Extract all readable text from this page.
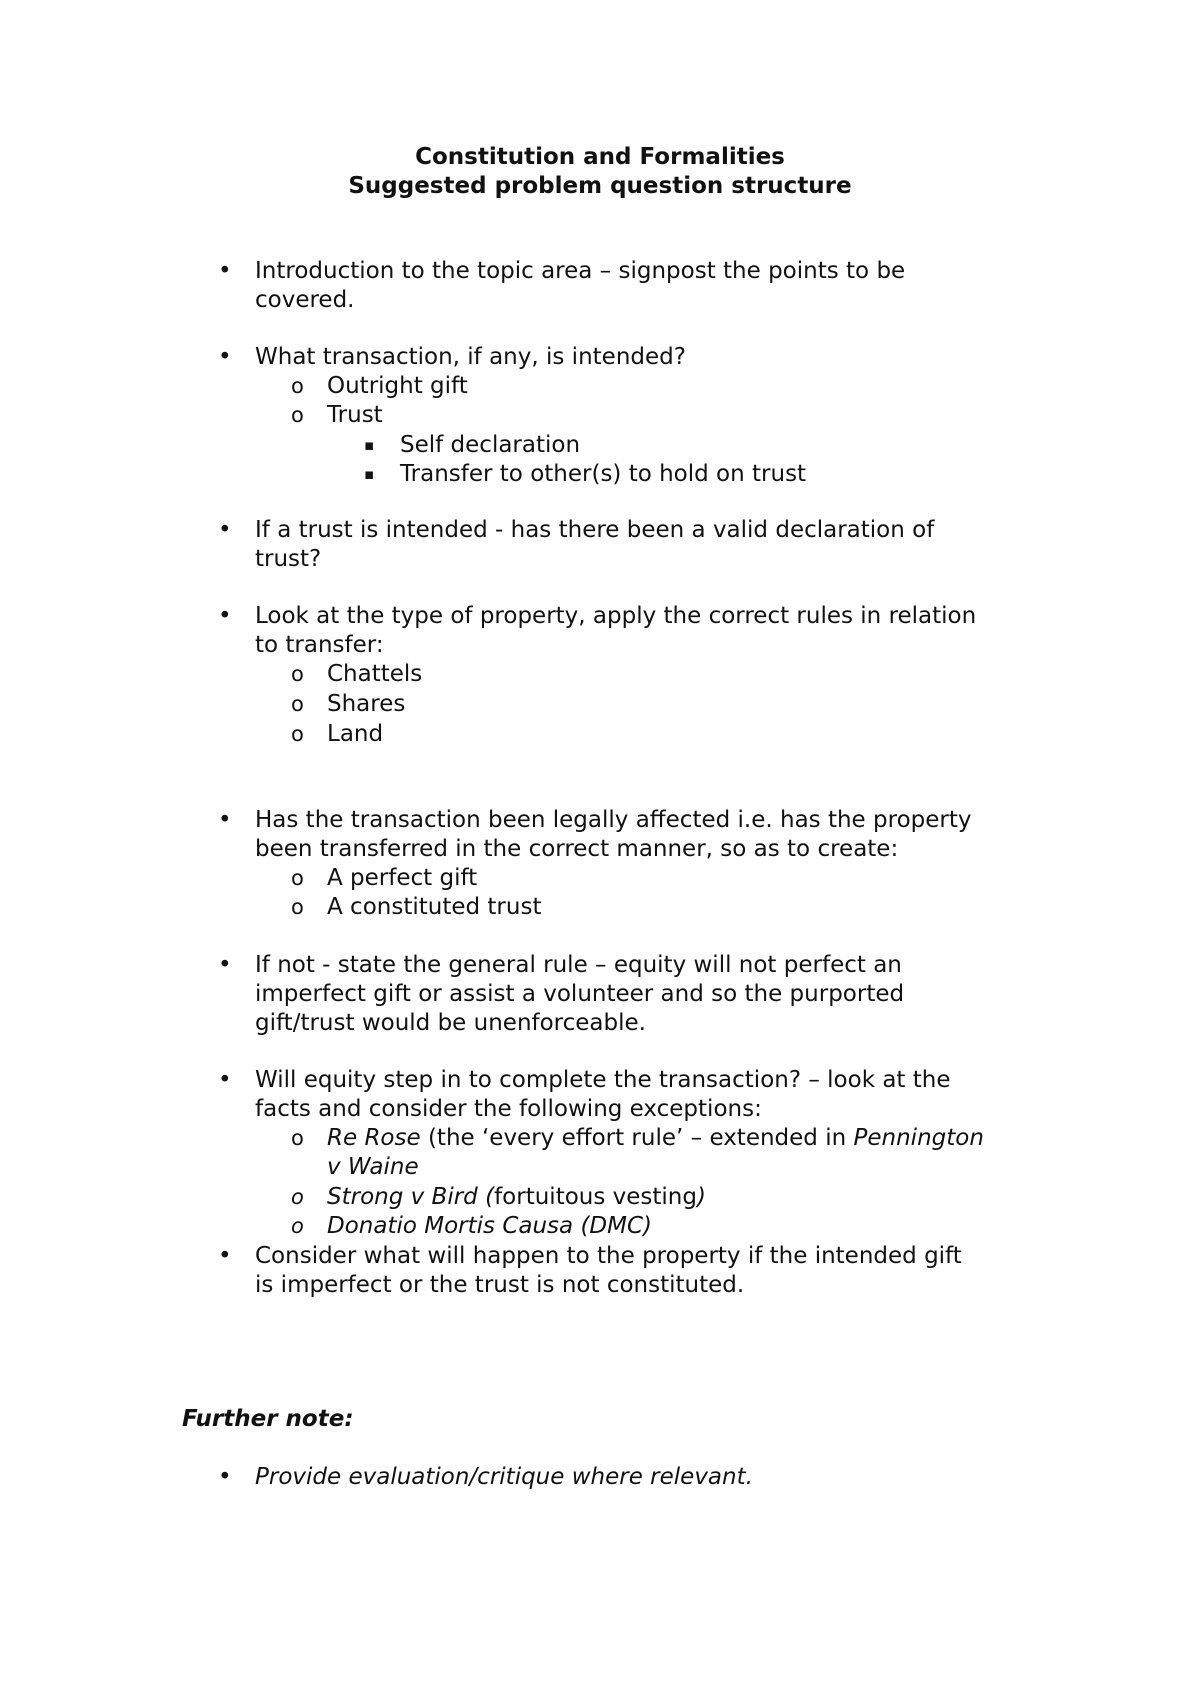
Constitution and Formalities
Suggested problem question structure
• Introduction to the topic area – signpost the points to be
covered.
• What transaction, if any, is intended?
o Outright gift
o Trust
▪ Self declaration
▪ Transfer to other(s) to hold on trust
• If a trust is intended - has there been a valid declaration of
trust?
• Look at the type of property, apply the correct rules in relation
to transfer:
o Chattels
o Shares
o Land
• Has the transaction been legally affected i.e. has the property
been transferred in the correct manner, so as to create:
o A perfect gift
o A constituted trust
• If not - state the general rule – equity will not perfect an
imperfect gift or assist a volunteer and so the purported
gift/trust would be unenforceable.
• Will equity step in to complete the transaction? – look at the
facts and consider the following exceptions:
o Re Rose (the ‘every effort rule’ – extended in Pennington
v Waine
o Strong v Bird (fortuitous vesting)
o Donatio Mortis Causa (DMC)
• Consider what will happen to the property if the intended gift
is imperfect or the trust is not constituted.
Further note:
• Provide evaluation/critique where relevant.
